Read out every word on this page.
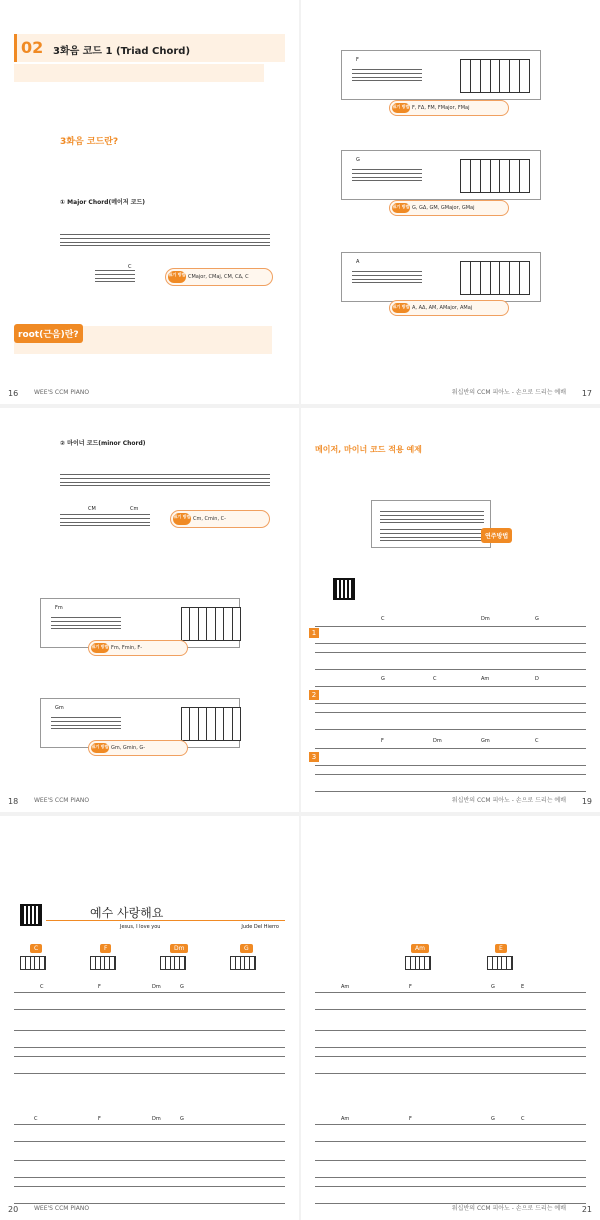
02 3화음 코드 1 (Triad Chord)
3화음 코드란?
① Major Chord(메이저 코드)
C
표기 방법 CMajor, CMaj, CM, CΔ, C
root(근음)란?
WEE'S CCM PIANO
16
F
표기 방법 F, FΔ, FM, FMajor, FMaj
G
표기 방법 G, GΔ, GM, GMajor, GMaj
A
표기 방법 A, AΔ, AM, AMajor, AMaj
워십반의 CCM 피아노 - 손으로 드리는 예배 17
② 마이너 코드(minor Chord)
CM	Cm
표기 방법 Cm, Cmin, C-
Fm
표기 방법 Fm, Fmin, F-
Gm
표기 방법 Gm, Gmin, G-
WEE'S CCM PIANO
18
메이저, 마이너 코드 적용 예제
연주방법
1
C	Dm	G
2
G	C	Am	D
3
F	Dm	Gm	C
워십반의 CCM 피아노 - 손으로 드리는 예배 19
예수 사랑해요
Jesus, I love you	Jude Del Hierro
C	F	Dm	G
C	F	Dm	G
C	F	Dm	G
WEE'S CCM PIANO
20
Am	E
Am	F	G	E
Am	F	G	C
워십반의 CCM 피아노 - 손으로 드리는 예배 21
